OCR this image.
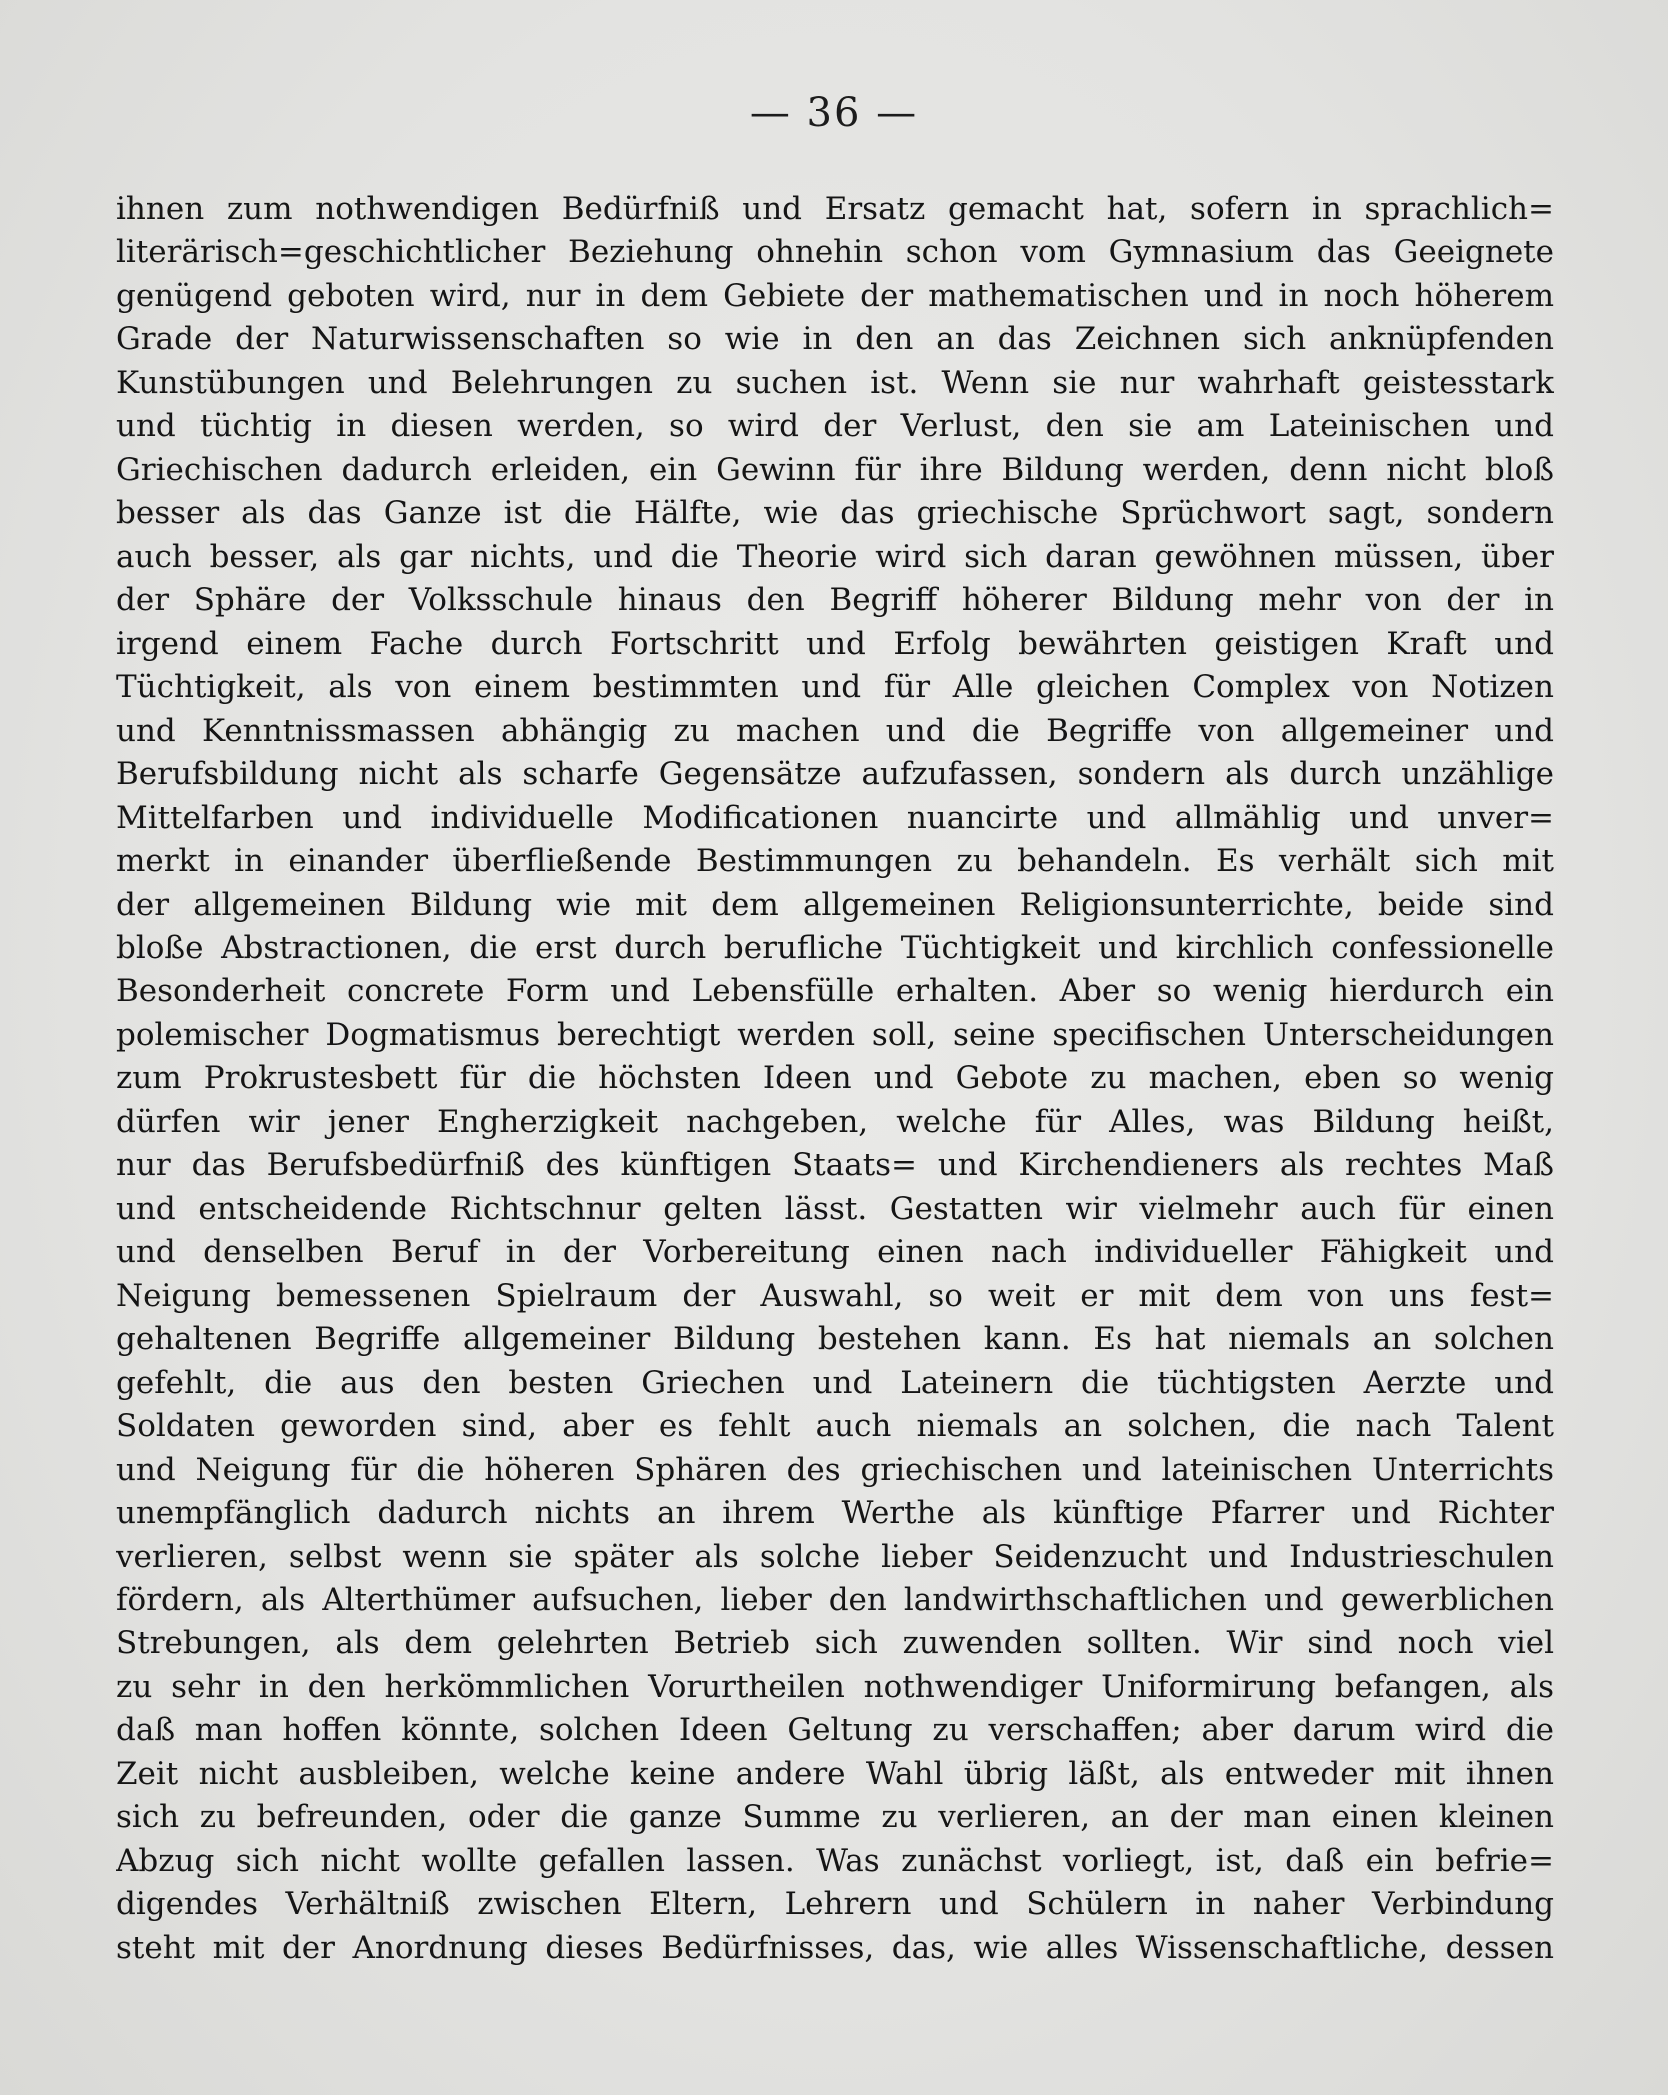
— 36 —
ihnen zum nothwendigen Bedürfniß und Ersatz gemacht hat, sofern in sprachlich=
literärisch=geschichtlicher Beziehung ohnehin schon vom Gymnasium das Geeignete
genügend geboten wird, nur in dem Gebiete der mathematischen und in noch höherem
Grade der Naturwissenschaften so wie in den an das Zeichnen sich anknüpfenden
Kunstübungen und Belehrungen zu suchen ist. Wenn sie nur wahrhaft geistesstark
und tüchtig in diesen werden, so wird der Verlust, den sie am Lateinischen und
Griechischen dadurch erleiden, ein Gewinn für ihre Bildung werden, denn nicht bloß
besser als das Ganze ist die Hälfte, wie das griechische Sprüchwort sagt, sondern
auch besser, als gar nichts, und die Theorie wird sich daran gewöhnen müssen, über
der Sphäre der Volksschule hinaus den Begriff höherer Bildung mehr von der in
irgend einem Fache durch Fortschritt und Erfolg bewährten geistigen Kraft und
Tüchtigkeit, als von einem bestimmten und für Alle gleichen Complex von Notizen
und Kenntnissmassen abhängig zu machen und die Begriffe von allgemeiner und
Berufsbildung nicht als scharfe Gegensätze aufzufassen, sondern als durch unzählige
Mittelfarben und individuelle Modificationen nuancirte und allmählig und unver=
merkt in einander überfließende Bestimmungen zu behandeln. Es verhält sich mit
der allgemeinen Bildung wie mit dem allgemeinen Religionsunterrichte, beide sind
bloße Abstractionen, die erst durch berufliche Tüchtigkeit und kirchlich confessionelle
Besonderheit concrete Form und Lebensfülle erhalten. Aber so wenig hierdurch ein
polemischer Dogmatismus berechtigt werden soll, seine specifischen Unterscheidungen
zum Prokrustesbett für die höchsten Ideen und Gebote zu machen, eben so wenig
dürfen wir jener Engherzigkeit nachgeben, welche für Alles, was Bildung heißt,
nur das Berufsbedürfniß des künftigen Staats= und Kirchendieners als rechtes Maß
und entscheidende Richtschnur gelten lässt. Gestatten wir vielmehr auch für einen
und denselben Beruf in der Vorbereitung einen nach individueller Fähigkeit und
Neigung bemessenen Spielraum der Auswahl, so weit er mit dem von uns fest=
gehaltenen Begriffe allgemeiner Bildung bestehen kann. Es hat niemals an solchen
gefehlt, die aus den besten Griechen und Lateinern die tüchtigsten Aerzte und
Soldaten geworden sind, aber es fehlt auch niemals an solchen, die nach Talent
und Neigung für die höheren Sphären des griechischen und lateinischen Unterrichts
unempfänglich dadurch nichts an ihrem Werthe als künftige Pfarrer und Richter
verlieren, selbst wenn sie später als solche lieber Seidenzucht und Industrieschulen
fördern, als Alterthümer aufsuchen, lieber den landwirthschaftlichen und gewerblichen
Strebungen, als dem gelehrten Betrieb sich zuwenden sollten. Wir sind noch viel
zu sehr in den herkömmlichen Vorurtheilen nothwendiger Uniformirung befangen, als
daß man hoffen könnte, solchen Ideen Geltung zu verschaffen; aber darum wird die
Zeit nicht ausbleiben, welche keine andere Wahl übrig läßt, als entweder mit ihnen
sich zu befreunden, oder die ganze Summe zu verlieren, an der man einen kleinen
Abzug sich nicht wollte gefallen lassen. Was zunächst vorliegt, ist, daß ein befrie=
digendes Verhältniß zwischen Eltern, Lehrern und Schülern in naher Verbindung
steht mit der Anordnung dieses Bedürfnisses, das, wie alles Wissenschaftliche, dessen
